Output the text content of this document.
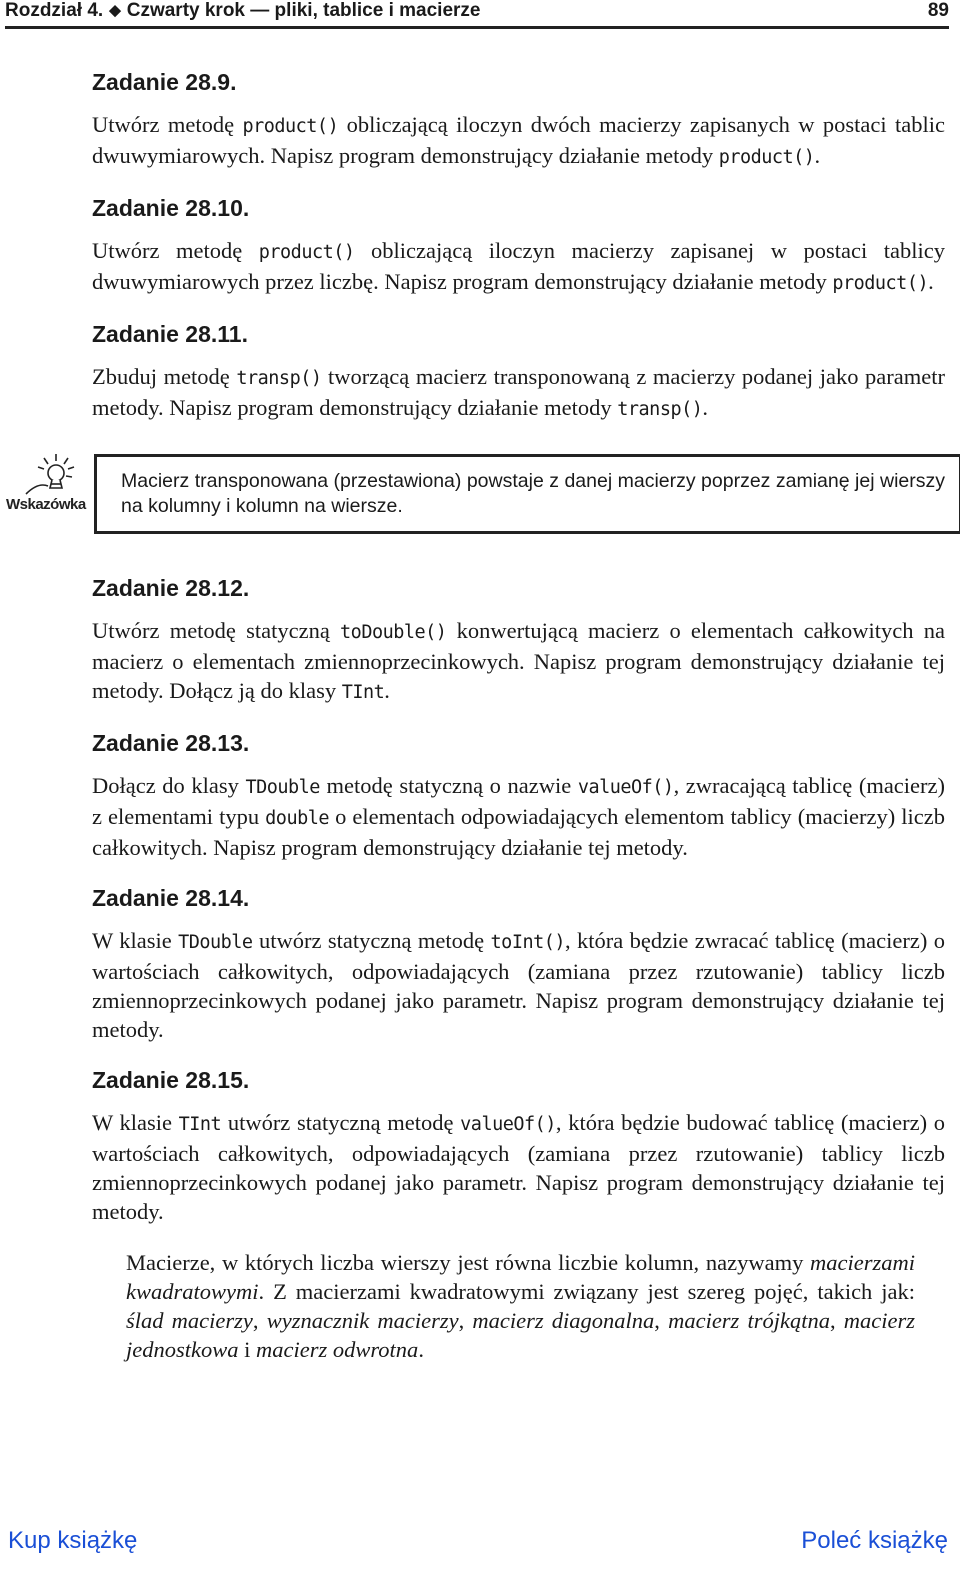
Rozdział 4. ◆ Czwarty krok — pliki, tablice i macierze	89
Zadanie 28.9.

Utwórz metodę product() obliczającą iloczyn dwóch macierzy zapisanych w postaci tablic dwuwymiarowych. Napisz program demonstrujący działanie metody product().

Zadanie 28.10.

Utwórz metodę product() obliczającą iloczyn macierzy zapisanej w postaci tablicy dwuwymiarowych przez liczbę. Napisz program demonstrujący działanie metody product().

Zadanie 28.11.

Zbuduj metodę transp() tworzącą macierz transponowaną z macierzy podanej jako parametr metody. Napisz program demonstrujący działanie metody transp().

Wskazówka
Macierz transponowana (przestawiona) powstaje z danej macierzy poprzez zamianę jej wierszy na kolumny i kolumn na wiersze.
Zadanie 28.12.

Utwórz metodę statyczną toDouble() konwertującą macierz o elementach całkowitych na macierz o elementach zmiennoprzecinkowych. Napisz program demonstrujący działanie tej metody. Dołącz ją do klasy TInt.

Zadanie 28.13.

Dołącz do klasy TDouble metodę statyczną o nazwie valueOf(), zwracającą tablicę (macierz) z elementami typu double o elementach odpowiadających elementom tablicy (macierzy) liczb całkowitych. Napisz program demonstrujący działanie tej metody.

Zadanie 28.14.

W klasie TDouble utwórz statyczną metodę toInt(), która będzie zwracać tablicę (macierz) o wartościach całkowitych, odpowiadających (zamiana przez rzutowanie) tablicy liczb zmiennoprzecinkowych podanej jako parametr. Napisz program demonstrujący działanie tej metody.

Zadanie 28.15.

W klasie TInt utwórz statyczną metodę valueOf(), która będzie budować tablicę (macierz) o wartościach całkowitych, odpowiadających (zamiana przez rzutowanie) tablicy liczb zmiennoprzecinkowych podanej jako parametr. Napisz program demonstrujący działanie tej metody.

Macierze, w których liczba wierszy jest równa liczbie kolumn, nazywamy macierzami kwadratowymi. Z macierzami kwadratowymi związany jest szereg pojęć, takich jak: ślad macierzy, wyznacznik macierzy, macierz diagonalna, macierz trójkątna, macierz jednostkowa i macierz odwrotna.

Kup książkę	Poleć książkę
